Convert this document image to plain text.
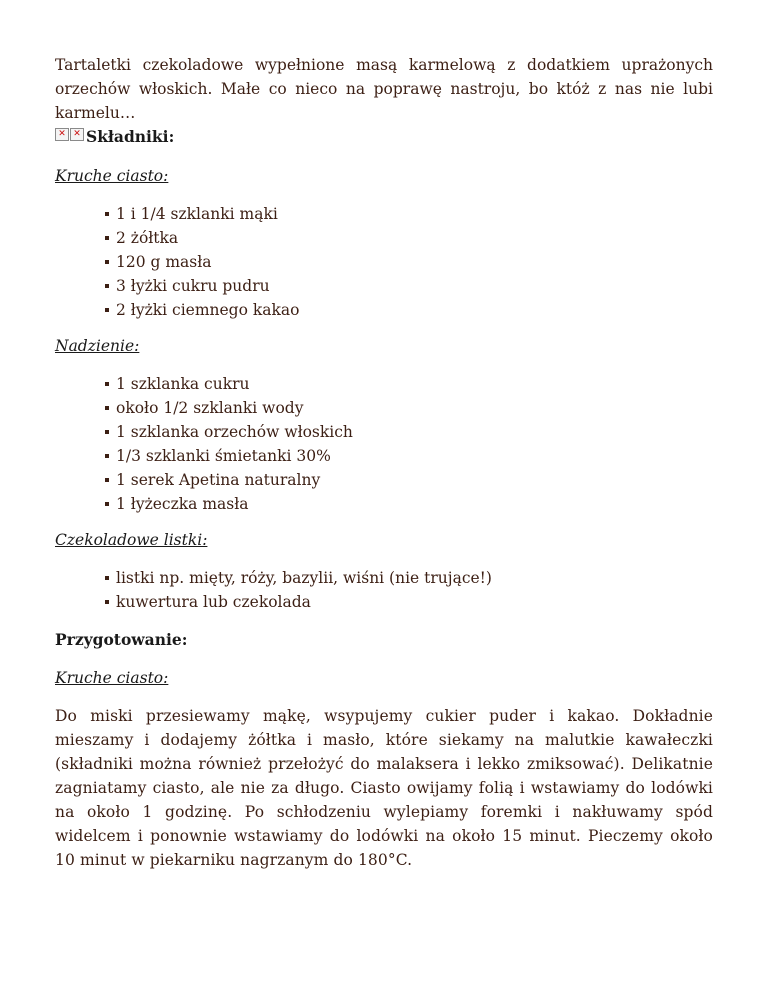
Tartaletki czekoladowe wypełnione masą karmelową z dodatkiem uprażonych orzechów włoskich. Małe co nieco na poprawę nastroju, bo któż z nas nie lubi karmelu…

✕ ✕ Składniki:
Kruche ciasto:
1 i 1/4 szklanki mąki
2 żółtka
120 g masła
3 łyżki cukru pudru
2 łyżki ciemnego kakao
Nadzienie:
1 szklanka cukru
około 1/2 szklanki wody
1 szklanka orzechów włoskich
1/3 szklanki śmietanki 30%
1 serek Apetina naturalny
1 łyżeczka masła
Czekoladowe listki:
listki np. mięty, róży, bazylii, wiśni (nie trujące!)
kuwertura lub czekolada
Przygotowanie:
Kruche ciasto:

Do miski przesiewamy mąkę, wsypujemy cukier puder i kakao. Dokładnie mieszamy i dodajemy żółtka i masło, które siekamy na malutkie kawałeczki (składniki można również przełożyć do malaksera i lekko zmiksować). Delikatnie zagniatamy ciasto, ale nie za długo. Ciasto owijamy folią i wstawiamy do lodówki na około 1 godzinę. Po schłodzeniu wylepiamy foremki i nakłuwamy spód widelcem i ponownie wstawiamy do lodówki na około 15 minut. Pieczemy około 10 minut w piekarniku nagrzanym do 180°C.
